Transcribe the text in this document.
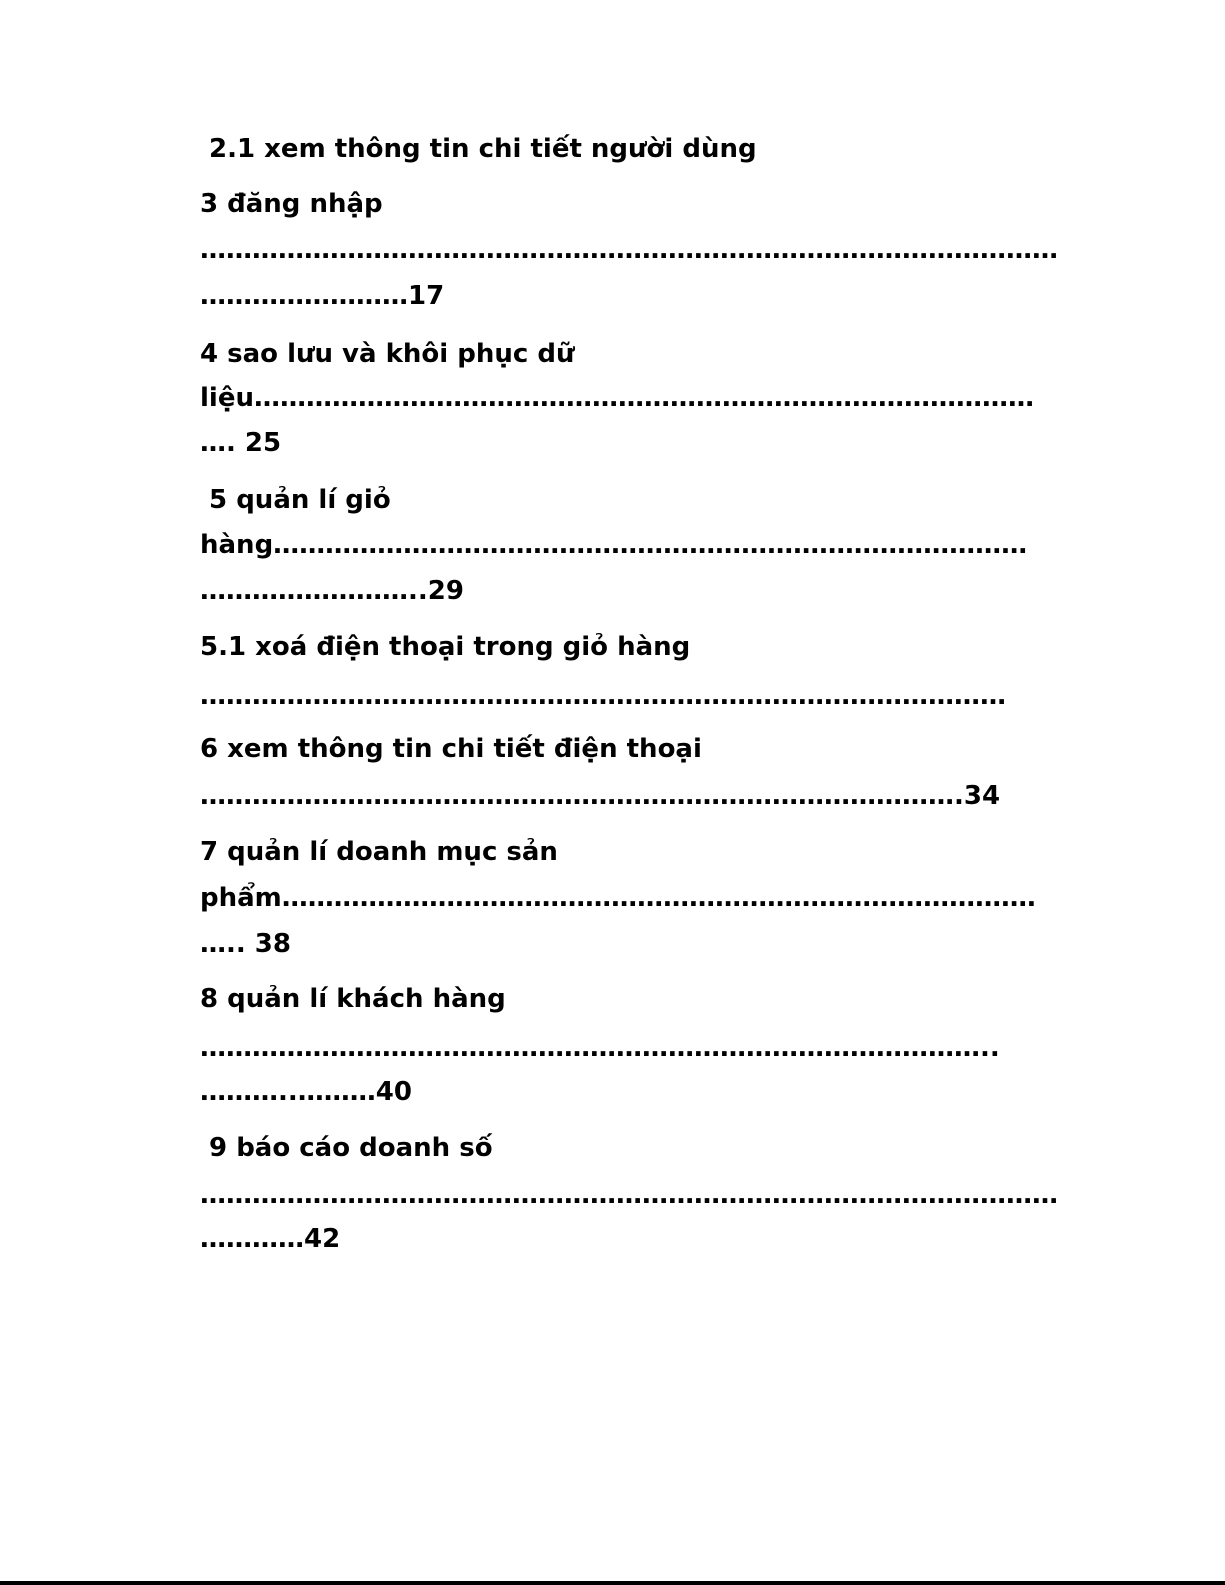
2.1 xem thông tin chi tiết người dùng

3 đăng nhập

………………………………………………………………………………………

……………………17

4 sao lưu và khôi phục dữ

liệu………………………………………………………………………………

…. 25

5 quản lí giỏ

hàng……………………………………………………………………………

……………………..29

5.1 xoá điện thoại trong giỏ hàng

…………………………………………………………………………………

6 xem thông tin chi tiết điện thoại

…………………………………………………………………………….34

7 quản lí doanh mục sản

phẩm……………………………………………………………………………

….. 38

8 quản lí khách hàng

………………………………………………………………………………..

………..………40

9 báo cáo doanh số

………………………………………………………………………………………

…………42
